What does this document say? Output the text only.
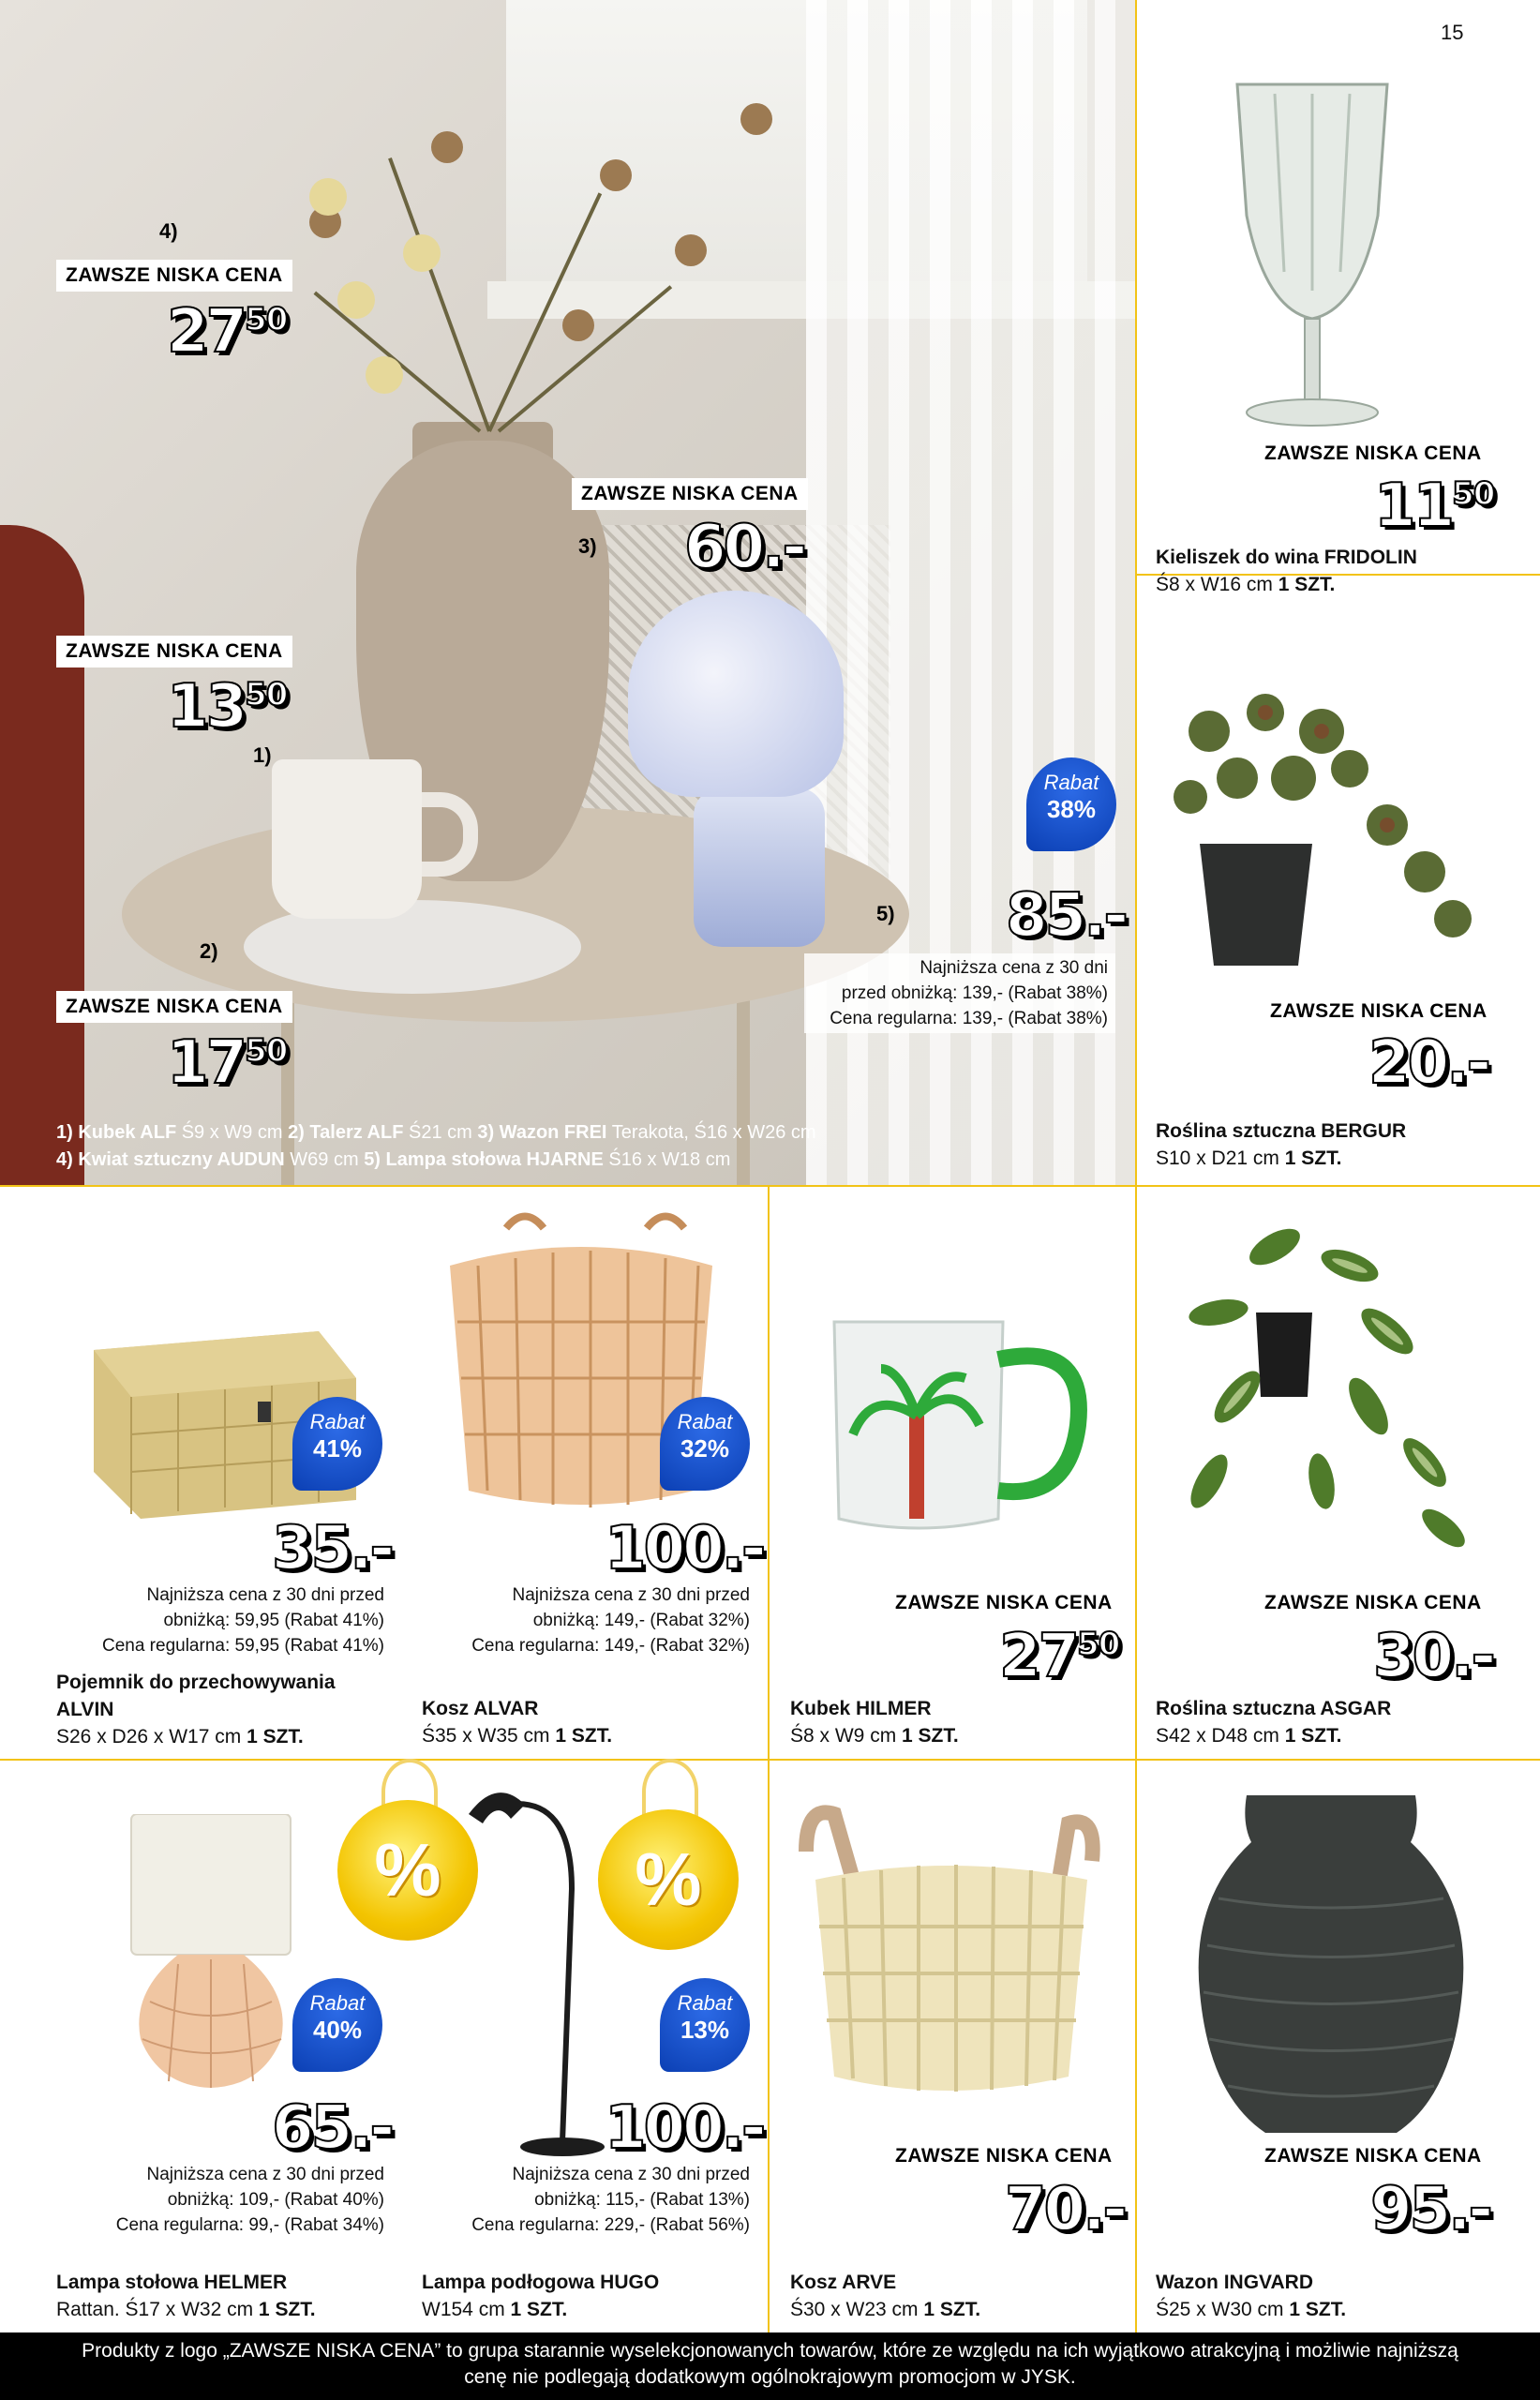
4)
ZAWSZE NISKA CENA
$27^{50}$
ZAWSZE NISKA CENA
3) 60.-
ZAWSZE NISKA CENA
$13^{50}$
1)
2)
ZAWSZE NISKA CENA
$17^{50}$
Rabat
38%
5) 85.-
Najniższa cena z 30 dni
przed obniżką: 139,- (Rabat 38%)
Cena regularna: 139,- (Rabat 38%)
1) Kubek ALF Ś9 x W9 cm 2) Talerz ALF Ś21 cm 3) Wazon FREI Terakota, Ś16 x W26 cm
4) Kwiat sztuczny AUDUN W69 cm 5) Lampa stołowa HJARNE Ś16 x W18 cm
15
ZAWSZE NISKA CENA
$11^{50}$
Kieliszek do wina FRIDOLIN
Ś8 x W16 cm 1 SZT.
ZAWSZE NISKA CENA
20.-
Roślina sztuczna BERGUR
S10 x D21 cm 1 SZT.
Rabat
41%
35.-
Najniższa cena z 30 dni przed
obniżką: 59,95 (Rabat 41%)
Cena regularna: 59,95 (Rabat 41%)
Pojemnik do przechowywania
ALVIN
S26 x D26 x W17 cm 1 SZT.
Rabat
32%
100.-
Najniższa cena z 30 dni przed
obniżką: 149,- (Rabat 32%)
Cena regularna: 149,- (Rabat 32%)
Kosz ALVAR
Ś35 x W35 cm 1 SZT.
ZAWSZE NISKA CENA
$27^{50}$
Kubek HILMER
Ś8 x W9 cm 1 SZT.
ZAWSZE NISKA CENA
30.-
Roślina sztuczna ASGAR
S42 x D48 cm 1 SZT.
%
Rabat
40%
65.-
Najniższa cena z 30 dni przed
obniżką: 109,- (Rabat 40%)
Cena regularna: 99,- (Rabat 34%)
Lampa stołowa HELMER
Rattan. Ś17 x W32 cm 1 SZT.
%
Rabat
13%
100.-
Najniższa cena z 30 dni przed
obniżką: 115,- (Rabat 13%)
Cena regularna: 229,- (Rabat 56%)
Lampa podłogowa HUGO
W154 cm 1 SZT.
ZAWSZE NISKA CENA
70.-
Kosz ARVE
Ś30 x W23 cm 1 SZT.
ZAWSZE NISKA CENA
95.-
Wazon INGVARD
Ś25 x W30 cm 1 SZT.
Produkty z logo „ZAWSZE NISKA CENA” to grupa starannie wyselekcjonowanych towarów, które ze względu na ich wyjątkowo atrakcyjną i możliwie najniższą
cenę nie podlegają dodatkowym ogólnokrajowym promocjom w JYSK.
